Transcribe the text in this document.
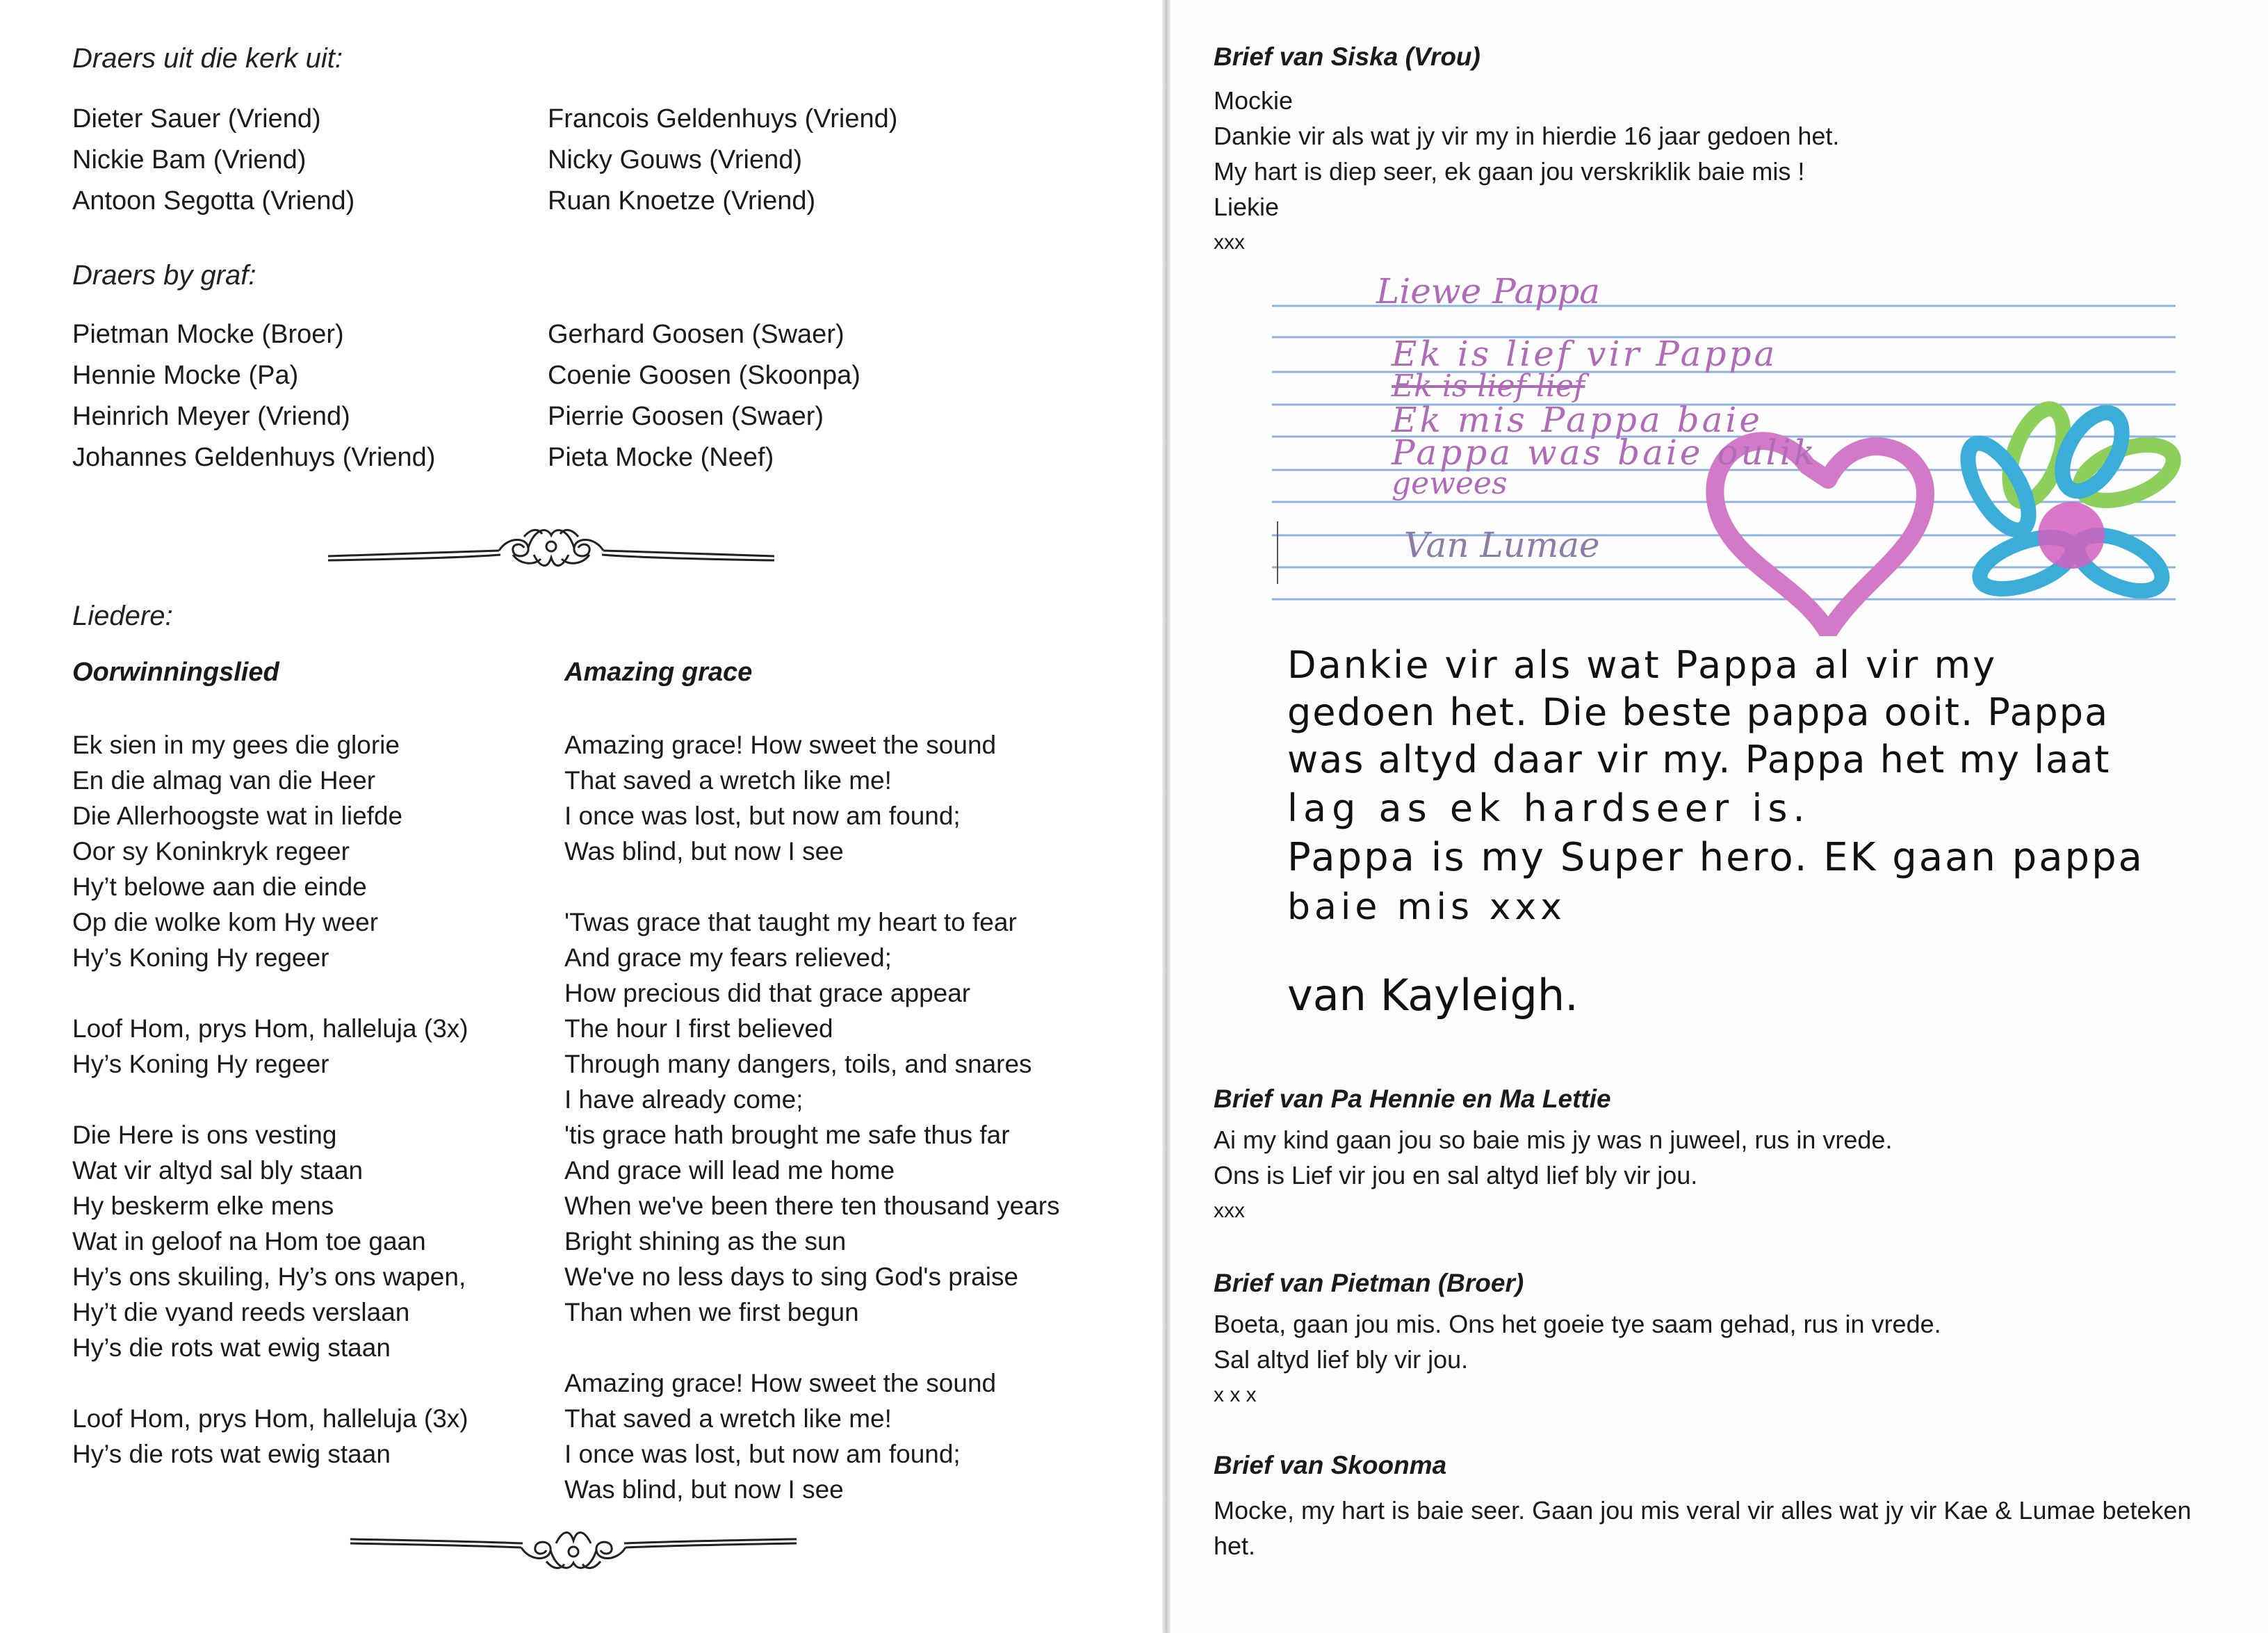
Draers uit die kerk uit:
Dieter Sauer (Vriend)
Nickie Bam (Vriend)
Antoon Segotta (Vriend)
Francois Geldenhuys (Vriend)
Nicky Gouws (Vriend)
Ruan Knoetze (Vriend)
Draers by graf:
Pietman Mocke (Broer)
Hennie Mocke (Pa)
Heinrich Meyer (Vriend)
Johannes Geldenhuys (Vriend)
Gerhard Goosen (Swaer)
Coenie Goosen (Skoonpa)
Pierrie Goosen (Swaer)
Pieta Mocke (Neef)
Liedere:
Oorwinningslied
Ek sien in my gees die glorie
En die almag van die Heer
Die Allerhoogste wat in liefde
Oor sy Koninkryk regeer
Hy’t belowe aan die einde
Op die wolke kom Hy weer
Hy’s Koning Hy regeer
Loof Hom, prys Hom, halleluja (3x)
Hy’s Koning Hy regeer
Die Here is ons vesting
Wat vir altyd sal bly staan
Hy beskerm elke mens
Wat in geloof na Hom toe gaan
Hy’s ons skuiling, Hy’s ons wapen,
Hy’t die vyand reeds verslaan
Hy’s die rots wat ewig staan
Loof Hom, prys Hom, halleluja (3x)
Hy’s die rots wat ewig staan
Amazing grace
Amazing grace! How sweet the sound
That saved a wretch like me!
I once was lost, but now am found;
Was blind, but now I see
'Twas grace that taught my heart to fear
And grace my fears relieved;
How precious did that grace appear
The hour I first believed
Through many dangers, toils, and snares
I have already come;
'tis grace hath brought me safe thus far
And grace will lead me home
When we've been there ten thousand years
Bright shining as the sun
We've no less days to sing God's praise
Than when we first begun
Amazing grace! How sweet the sound
That saved a wretch like me!
I once was lost, but now am found;
Was blind, but now I see
Brief van Siska (Vrou)
Mockie
Dankie vir als wat jy vir my in hierdie 16 jaar gedoen het.
My hart is diep seer, ek gaan jou verskriklik baie mis !
Liekie
xxx
Liewe Pappa
Ek is lief vir Pappa
Ek is lief lief
Ek mis Pappa baie
Pappa was baie oulik
gewees
Van Lumae
Dankie vir als wat Pappa al vir my
gedoen het. Die beste pappa ooit. Pappa
was altyd daar vir my. Pappa het my laat
lag as ek hardseer is.
Pappa is my Super hero. EK gaan pappa
baie mis xxx
van Kayleigh.
Brief van Pa Hennie en Ma Lettie
Ai my kind gaan jou so baie mis jy was n juweel, rus in vrede.
Ons is Lief vir jou en sal altyd lief bly vir jou.
xxx
Brief van Pietman (Broer)
Boeta, gaan jou mis. Ons het goeie tye saam gehad, rus in vrede.
Sal altyd lief bly vir jou.
x x x
Brief van Skoonma
Mocke, my hart is baie seer. Gaan jou mis veral vir alles wat jy vir Kae & Lumae beteken
het.
